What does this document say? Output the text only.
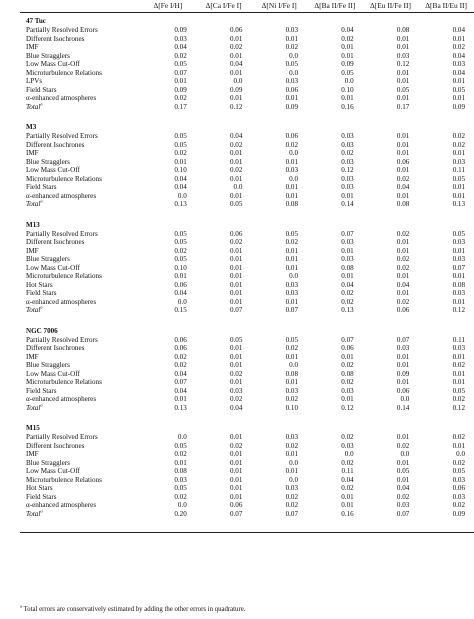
	Δ[Fe I/H]	Δ[Ca I/Fe I]	Δ[Ni I/Fe I]	Δ[Ba II/Fe II]	Δ[Eu II/Fe II]	Δ[Ba II/Eu II]
47 Tuc						
Partially Resolved Errors	0.09	0.06	0.03	0.04	0.08	0.04
Different Isochrones	0.03	0.01	0.01	0.02	0.01	0.01
IMF	0.04	0.02	0.02	0.01	0.01	0.02
Blue Stragglers	0.02	0.01	0.0	0.01	0.03	0.04
Low Mass Cut-Off	0.05	0.04	0.05	0.09	0.12	0.03
Microturbulence Relations	0.07	0.01	0.0	0.05	0.01	0.04
LPVs	0.01	0.0	0.03	0.0	0.01	0.01
Field Stars	0.09	0.09	0.06	0.10	0.05	0.05
α-enhanced atmospheres	0.02	0.01	0.01	0.01	0.01	0.01
Total$^a$	0.17	0.12	0.09	0.16	0.17	0.09

M3						
Partially Resolved Errors	0.05	0.04	0.06	0.03	0.01	0.02
Different Isochrones	0.05	0.02	0.02	0.03	0.01	0.02
IMF	0.02	0.01	0.0	0.02	0.01	0.01
Blue Stragglers	0.01	0.01	0.01	0.03	0.06	0.03
Low Mass Cut-Off	0.10	0.02	0.03	0.12	0.01	0.11
Microturbulence Relations	0.04	0.01	0.0	0.03	0.02	0.05
Field Stars	0.04	0.0	0.01	0.03	0.04	0.01
α-enhanced atmospheres	0.0	0.01	0.01	0.01	0.01	0.01
Total$^a$	0.13	0.05	0.08	0.14	0.08	0.13

M13						
Partially Resolved Errors	0.05	0.06	0.05	0.07	0.02	0.05
Different Isochrones	0.05	0.02	0.02	0.03	0.01	0.03
IMF	0.02	0.01	0.01	0.01	0.01	0.01
Blue Stragglers	0.05	0.01	0.01	0.03	0.02	0.03
Low Mass Cut-Off	0.10	0.01	0.01	0.08	0.02	0.07
Microturbulence Relations	0.01	0.01	0.0	0.01	0.01	0.01
Hot Stars	0.06	0.01	0.03	0.04	0.04	0.08
Field Stars	0.04	0.01	0.03	0.02	0.01	0.03
α-enhanced atmospheres	0.0	0.01	0.01	0.02	0.02	0.01
Total$^a$	0.15	0.07	0.07	0.13	0.06	0.12

NGC 7006						
Partially Resolved Errors	0.06	0.05	0.05	0.07	0.07	0.11
Different Isochrones	0.06	0.01	0.02	0.06	0.03	0.03
IMF	0.02	0.01	0.01	0.01	0.01	0.01
Blue Stragglers	0.02	0.01	0.0	0.02	0.01	0.02
Low Mass Cut-Off	0.04	0.02	0.08	0.08	0.09	0.01
Microturbulence Relations	0.07	0.01	0.01	0.02	0.01	0.01
Field Stars	0.04	0.03	0.03	0.03	0.06	0.05
α-enhanced atmospheres	0.01	0.02	0.02	0.01	0.0	0.02
Total$^a$	0.13	0.04	0.10	0.12	0.14	0.12

M15						
Partially Resolved Errors	0.0	0.01	0.03	0.02	0.01	0.02
Different Isochrones	0.05	0.02	0.02	0.03	0.02	0.01
IMF	0.02	0.01	0.01	0.0	0.0	0.0
Blue Stragglers	0.01	0.01	0.0	0.02	0.01	0.02
Low Mass Cut-Off	0.08	0.01	0.01	0.11	0.05	0.05
Microturbulence Relations	0.03	0.01	0.0	0.04	0.01	0.03
Hot Stars	0.05	0.01	0.03	0.02	0.04	0.06
Field Stars	0.02	0.01	0.02	0.01	0.02	0.03
α-enhanced atmospheres	0.0	0.06	0.02	0.01	0.03	0.02
Total$^a$	0.20	0.07	0.07	0.16	0.07	0.09

$^a$ Total errors are conservatively estimated by adding the other errors in quadrature.
